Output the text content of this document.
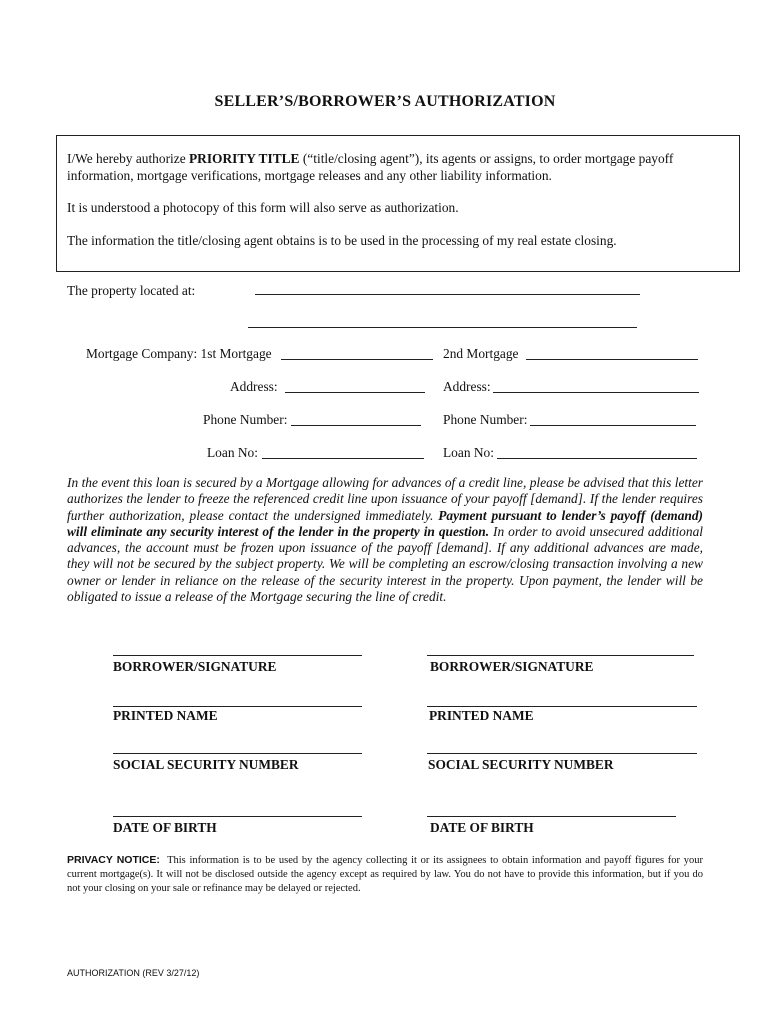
SELLER’S/BORROWER’S AUTHORIZATION
I/We hereby authorize PRIORITY TITLE (“title/closing agent”), its agents or assigns, to order mortgage payoff
information, mortgage verifications, mortgage releases and any other liability information.
It is understood a photocopy of this form will also serve as authorization.
The information the title/closing agent obtains is to be used in the processing of my real estate closing.
The property located at:
Mortgage Company: 1st Mortgage	2nd Mortgage
Address:	Address:
Phone Number:	Phone Number:
Loan No:	Loan No:
In the event this loan is secured by a Mortgage allowing for advances of a credit line, please be advised that this letter authorizes the lender to freeze the referenced credit line upon issuance of your payoff [demand]. If the lender requires further authorization, please contact the undersigned immediately. Payment pursuant to lender’s payoff (demand) will eliminate any security interest of the lender in the property in question. In order to avoid unsecured additional advances, the account must be frozen upon issuance of the payoff [demand]. If any additional advances are made, they will not be secured by the subject property. We will be completing an escrow/closing transaction involving a new owner or lender in reliance on the release of the security interest in the property. Upon payment, the lender will be obligated to issue a release of the Mortgage securing the line of credit.
BORROWER/SIGNATURE	BORROWER/SIGNATURE
PRINTED NAME	PRINTED NAME
SOCIAL SECURITY NUMBER	SOCIAL SECURITY NUMBER
DATE OF BIRTH	DATE OF BIRTH
PRIVACY NOTICE: This information is to be used by the agency collecting it or its assignees to obtain information and payoff figures for your current mortgage(s). It will not be disclosed outside the agency except as required by law. You do not have to provide this information, but if you do not your closing on your sale or refinance may be delayed or rejected.
AUTHORIZATION (REV 3/27/12)
